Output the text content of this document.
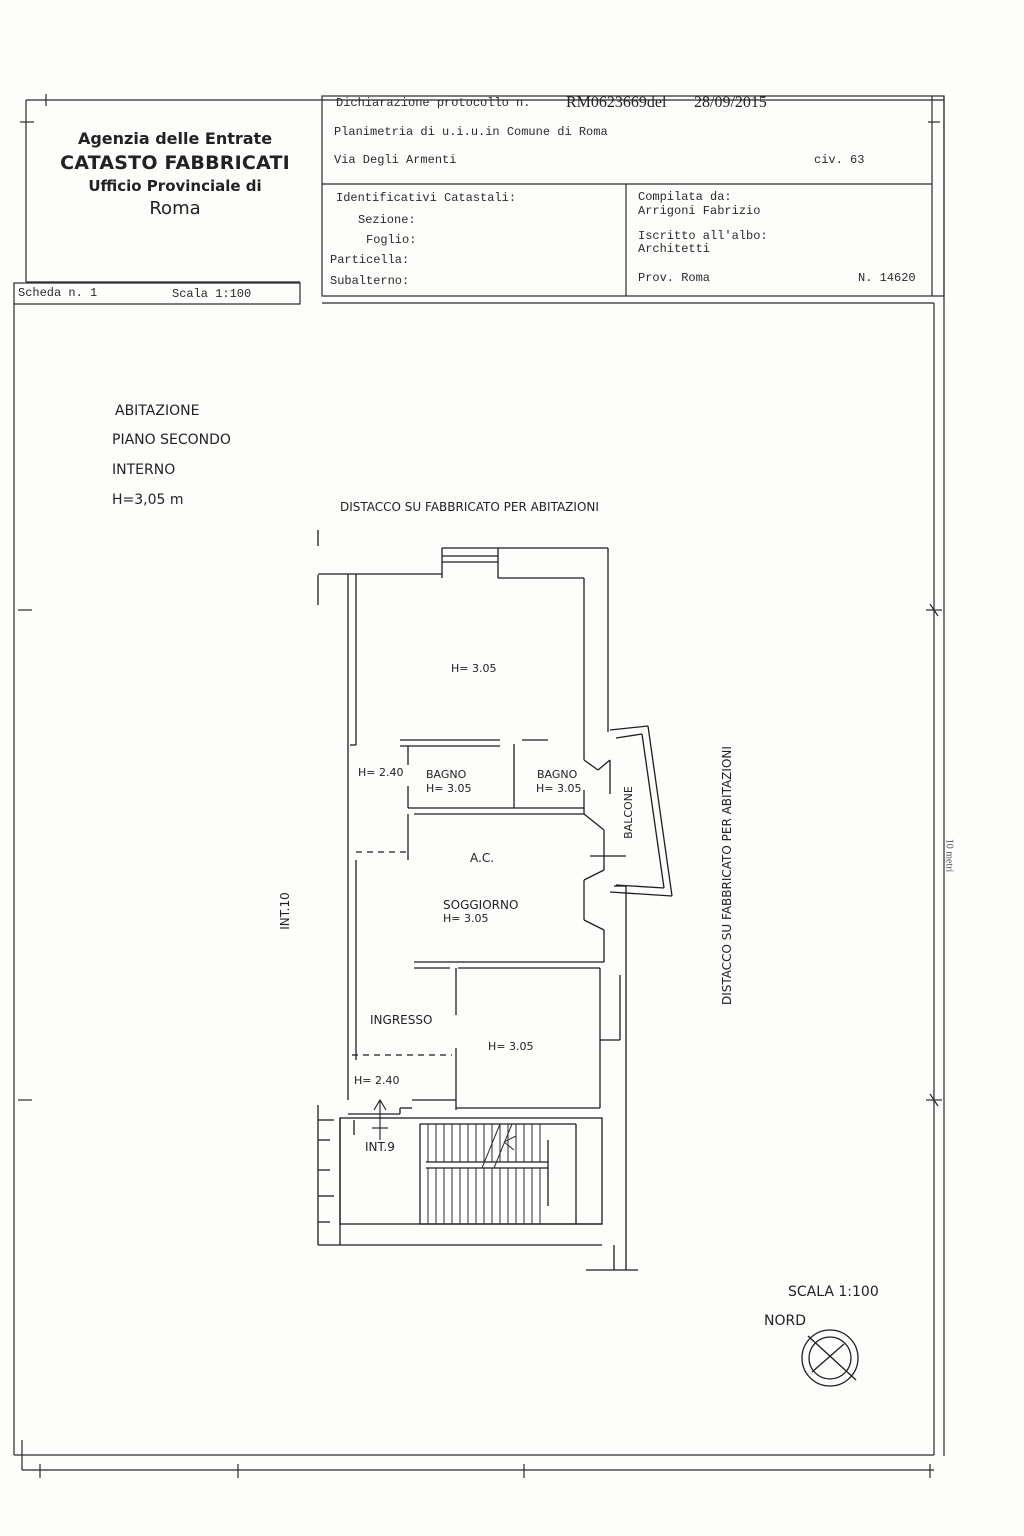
Agenzia delle Entrate
CATASTO FABBRICATI
Ufficio Provinciale di
Roma
Dichiarazione protocollo n. RM0623669del 28/09/2015
Planimetria di u.i.u.in Comune di Roma
Via Degli Armenti	civ. 63
Identificativi Catastali:
Sezione:
Foglio:
Particella:
Subalterno:
Compilata da:
Arrigoni Fabrizio
Iscritto all'albo:
Architetti
Prov. Roma	N. 14620
Scheda n. 1	Scala 1:100
ABITAZIONE
PIANO SECONDO
INTERNO
H=3,05 m	DISTACCO SU FABBRICATO PER ABITAZIONI
DISTACCO SU FABBRICATO PER ABITAZIONI
INT.10
H= 3.05
H= 2.40 BAGNO
H= 3.05
BAGNO
H= 3.05	BALCONE
A.C.
SOGGIORNO
H= 3.05
INGRESSO
H= 3.05
H= 2.40
INT.9
SCALA 1:100
NORD
10 metri
